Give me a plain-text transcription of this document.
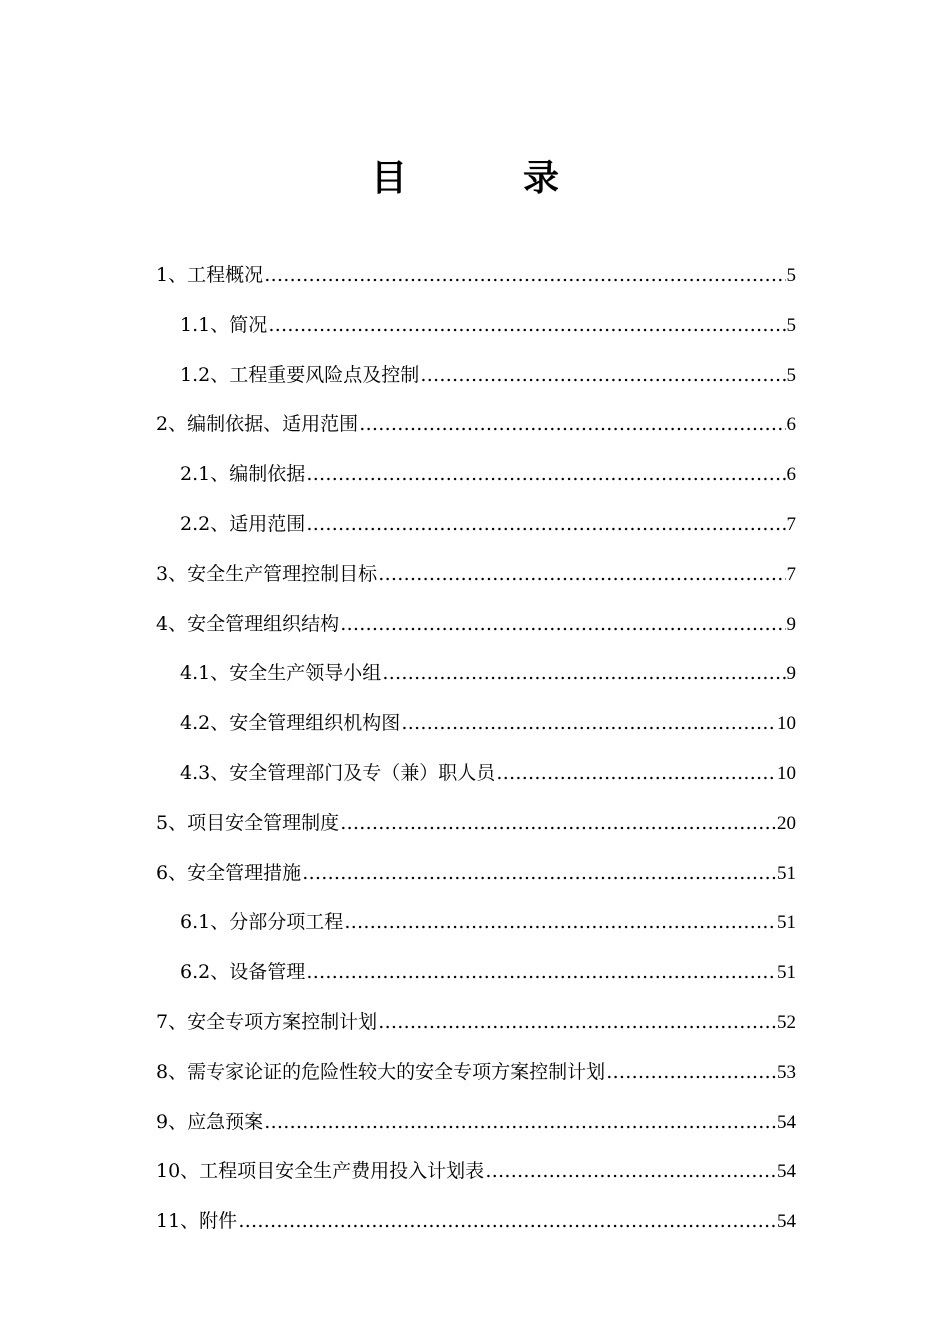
目　录
1、工程概况 …………………………………………………………………………………………………………………………………………………………………………	5
1.1、简况 …………………………………………………………………………………………………………………………………………………………………………	5
1.2、工程重要风险点及控制 …………………………………………………………………………………………………………………………………………………………………………	5
2、编制依据、适用范围 …………………………………………………………………………………………………………………………………………………………………………	6
2.1、编制依据 …………………………………………………………………………………………………………………………………………………………………………	6
2.2、适用范围 …………………………………………………………………………………………………………………………………………………………………………	7
3、安全生产管理控制目标 …………………………………………………………………………………………………………………………………………………………………………	7
4、安全管理组织结构 …………………………………………………………………………………………………………………………………………………………………………	9
4.1、安全生产领导小组 …………………………………………………………………………………………………………………………………………………………………………	9
4.2、安全管理组织机构图 …………………………………………………………………………………………………………………………………………………………………………	10
4.3、安全管理部门及专（兼）职人员 …………………………………………………………………………………………………………………………………………………………………………	10
5、项目安全管理制度 …………………………………………………………………………………………………………………………………………………………………………	20
6、安全管理措施 …………………………………………………………………………………………………………………………………………………………………………	51
6.1、分部分项工程 …………………………………………………………………………………………………………………………………………………………………………	51
6.2、设备管理 …………………………………………………………………………………………………………………………………………………………………………	51
7、安全专项方案控制计划 …………………………………………………………………………………………………………………………………………………………………………	52
8、需专家论证的危险性较大的安全专项方案控制计划 …………………………………………………………………………………………………………………………………………………………………………	53
9、应急预案 …………………………………………………………………………………………………………………………………………………………………………	54
10、工程项目安全生产费用投入计划表 …………………………………………………………………………………………………………………………………………………………………………	54
11、附件 …………………………………………………………………………………………………………………………………………………………………………	54
